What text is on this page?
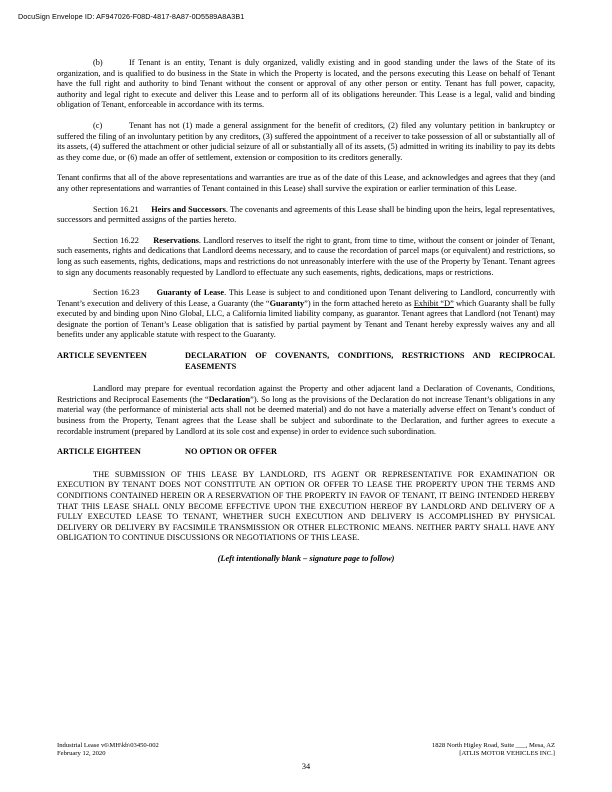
DocuSign Envelope ID: AF947026-F08D-4817-8A87-0D5589A8A3B1

(b)	If Tenant is an entity, Tenant is duly organized, validly existing and in good standing under the laws of the State of its organization, and is qualified to do business in the State in which the Property is located, and the persons executing this Lease on behalf of Tenant have the full right and authority to bind Tenant without the consent or approval of any other person or entity. Tenant has full power, capacity, authority and legal right to execute and deliver this Lease and to perform all of its obligations hereunder. This Lease is a legal, valid and binding obligation of Tenant, enforceable in accordance with its terms.

(c)	Tenant has not (1) made a general assignment for the benefit of creditors, (2) filed any voluntary petition in bankruptcy or suffered the filing of an involuntary petition by any creditors, (3) suffered the appointment of a receiver to take possession of all or substantially all of its assets, (4) suffered the attachment or other judicial seizure of all or substantially all of its assets, (5) admitted in writing its inability to pay its debts as they come due, or (6) made an offer of settlement, extension or composition to its creditors generally.

Tenant confirms that all of the above representations and warranties are true as of the date of this Lease, and acknowledges and agrees that they (and any other representations and warranties of Tenant contained in this Lease) shall survive the expiration or earlier termination of this Lease.

Section 16.21 Heirs and Successors. The covenants and agreements of this Lease shall be binding upon the heirs, legal representatives, successors and permitted assigns of the parties hereto.

Section 16.22 Reservations. Landlord reserves to itself the right to grant, from time to time, without the consent or joinder of Tenant, such easements, rights and dedications that Landlord deems necessary, and to cause the recordation of parcel maps (or equivalent) and restrictions, so long as such easements, rights, dedications, maps and restrictions do not unreasonably interfere with the use of the Property by Tenant. Tenant agrees to sign any documents reasonably requested by Landlord to effectuate any such easements, rights, dedications, maps or restrictions.

Section 16.23 Guaranty of Lease. This Lease is subject to and conditioned upon Tenant delivering to Landlord, concurrently with Tenant’s execution and delivery of this Lease, a Guaranty (the “Guaranty”) in the form attached hereto as Exhibit “D” which Guaranty shall be fully executed by and binding upon Nino Global, LLC, a California limited liability company, as guarantor. Tenant agrees that Landlord (not Tenant) may designate the portion of Tenant’s Lease obligation that is satisfied by partial payment by Tenant and Tenant hereby expressly waives any and all benefits under any applicable statute with respect to the Guaranty.

ARTICLE SEVENTEEN	DECLARATION OF COVENANTS, CONDITIONS, RESTRICTIONS AND RECIPROCAL EASEMENTS

Landlord may prepare for eventual recordation against the Property and other adjacent land a Declaration of Covenants, Conditions, Restrictions and Reciprocal Easements (the “Declaration”). So long as the provisions of the Declaration do not increase Tenant’s obligations in any material way (the performance of ministerial acts shall not be deemed material) and do not have a materially adverse effect on Tenant’s conduct of business from the Property, Tenant agrees that the Lease shall be subject and subordinate to the Declaration, and further agrees to execute a recordable instrument (prepared by Landlord at its sole cost and expense) in order to evidence such subordination.

ARTICLE EIGHTEEN	NO OPTION OR OFFER

THE SUBMISSION OF THIS LEASE BY LANDLORD, ITS AGENT OR REPRESENTATIVE FOR EXAMINATION OR EXECUTION BY TENANT DOES NOT CONSTITUTE AN OPTION OR OFFER TO LEASE THE PROPERTY UPON THE TERMS AND CONDITIONS CONTAINED HEREIN OR A RESERVATION OF THE PROPERTY IN FAVOR OF TENANT, IT BEING INTENDED HEREBY THAT THIS LEASE SHALL ONLY BECOME EFFECTIVE UPON THE EXECUTION HEREOF BY LANDLORD AND DELIVERY OF A FULLY EXECUTED LEASE TO TENANT, WHETHER SUCH EXECUTION AND DELIVERY IS ACCOMPLISHED BY PHYSICAL DELIVERY OR DELIVERY BY FACSIMILE TRANSMISSION OR OTHER ELECTRONIC MEANS. NEITHER PARTY SHALL HAVE ANY OBLIGATION TO CONTINUE DISCUSSIONS OR NEGOTIATIONS OF THIS LEASE.

(Left intentionally blank – signature page to follow)

Industrial Lease v6\MH\kb\03450-002
February 12, 2020
1828 North Higley Road, Suite ___, Mesa, AZ
[ATLIS MOTOR VEHICLES INC.]
34
